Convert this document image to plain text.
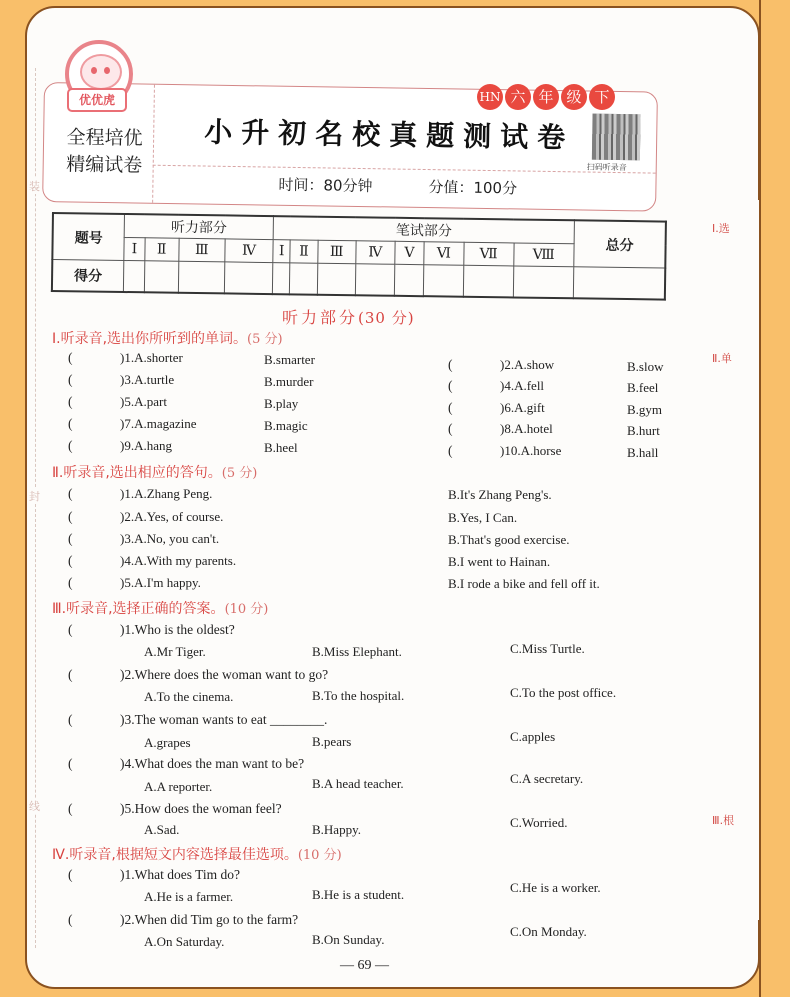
装
封
线
Ⅰ.选
Ⅱ.单
Ⅲ.根
全程培优
精编试卷
小升初名校真题测试卷
扫码听录音
时间：80分钟	分值：100分
HN 六 年 级 下
优优虎
题号	听力部分				笔试部分								总分
	Ⅰ	Ⅱ	Ⅲ	Ⅳ	Ⅰ	Ⅱ	Ⅲ	Ⅳ	Ⅴ	Ⅵ	Ⅶ	Ⅷ	
得分													
听力部分(30 分)
Ⅰ.听录音,选出你所听到的单词。(5 分)
(	)1.A.shorter	B.smarter
(	)3.A.turtle	B.murder
(	)5.A.part	B.play
(	)7.A.magazine	B.magic
(	)9.A.hang	B.heel
(	)2.A.show	B.slow
(	)4.A.fell	B.feel
(	)6.A.gift	B.gym
(	)8.A.hotel	B.hurt
(	)10.A.horse	B.hall
Ⅱ.听录音,选出相应的答句。(5 分)
(	)1.A.Zhang Peng.	B.It's Zhang Peng's.
(	)2.A.Yes, of course.	B.Yes, I Can.
(	)3.A.No, you can't.	B.That's good exercise.
(	)4.A.With my parents.	B.I went to Hainan.
(	)5.A.I'm happy.	B.I rode a bike and fell off it.
Ⅲ.听录音,选择正确的答案。(10 分)
(	)1.Who is the oldest?
A.Mr Tiger.	B.Miss Elephant.	C.Miss Turtle.
(	)2.Where does the woman want to go?
A.To the cinema.	B.To the hospital.	C.To the post office.
(	)3.The woman wants to eat ________.
A.grapes	B.pears	C.apples
(	)4.What does the man want to be?
A.A reporter.	B.A head teacher.	C.A secretary.
(	)5.How does the woman feel?
A.Sad.	B.Happy.	C.Worried.
Ⅳ.听录音,根据短文内容选择最佳选项。(10 分)
(	)1.What does Tim do?
A.He is a farmer.	B.He is a student.	C.He is a worker.
(	)2.When did Tim go to the farm?
A.On Saturday.	B.On Sunday.
C.On Monday.
— 69 —
